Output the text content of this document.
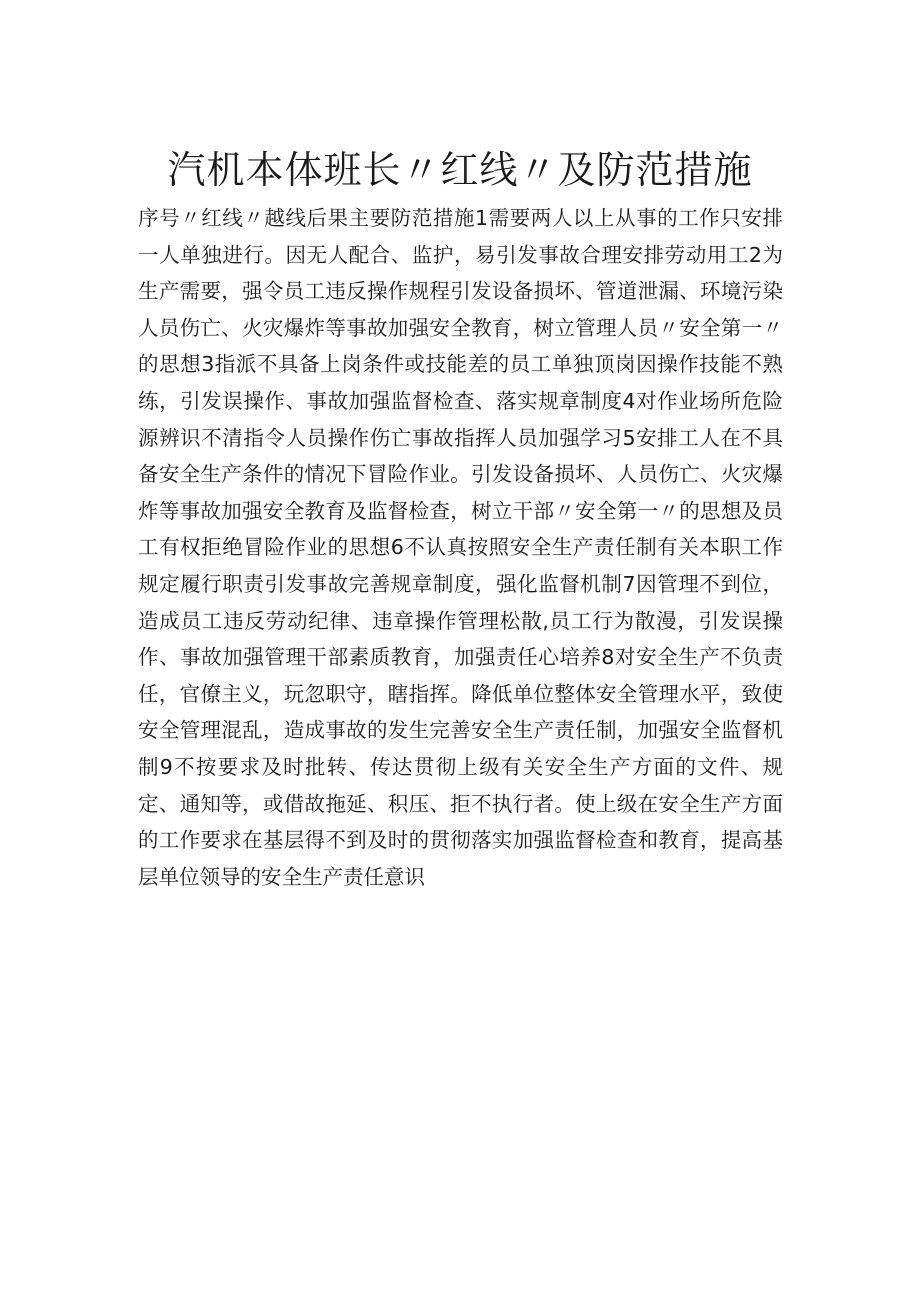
汽机本体班长〃红线〃及防范措施

序号〃红线〃越线后果主要防范措施1需要两人以上从事的工作只安排一人单独进行。因无人配合、监护，易引发事故合理安排劳动用工2为生产需要，强令员工违反操作规程引发设备损坏、管道泄漏、环境污染人员伤亡、火灾爆炸等事故加强安全教育，树立管理人员〃安全第一〃的思想3指派不具备上岗条件或技能差的员工单独顶岗因操作技能不熟练，引发误操作、事故加强监督检查、落实规章制度4对作业场所危险源辨识不清指令人员操作伤亡事故指挥人员加强学习5安排工人在不具备安全生产条件的情况下冒险作业。引发设备损坏、人员伤亡、火灾爆炸等事故加强安全教育及监督检查，树立干部〃安全第一〃的思想及员工有权拒绝冒险作业的思想6不认真按照安全生产责任制有关本职工作规定履行职责引发事故完善规章制度，强化监督机制7因管理不到位，造成员工违反劳动纪律、违章操作管理松散,员工行为散漫，引发误操作、事故加强管理干部素质教育，加强责任心培养8对安全生产不负责任，官僚主义，玩忽职守，瞎指挥。降低单位整体安全管理水平，致使安全管理混乱，造成事故的发生完善安全生产责任制，加强安全监督机制9不按要求及时批转、传达贯彻上级有关安全生产方面的文件、规定、通知等，或借故拖延、积压、拒不执行者。使上级在安全生产方面的工作要求在基层得不到及时的贯彻落实加强监督检查和教育，提高基层单位领导的安全生产责任意识
